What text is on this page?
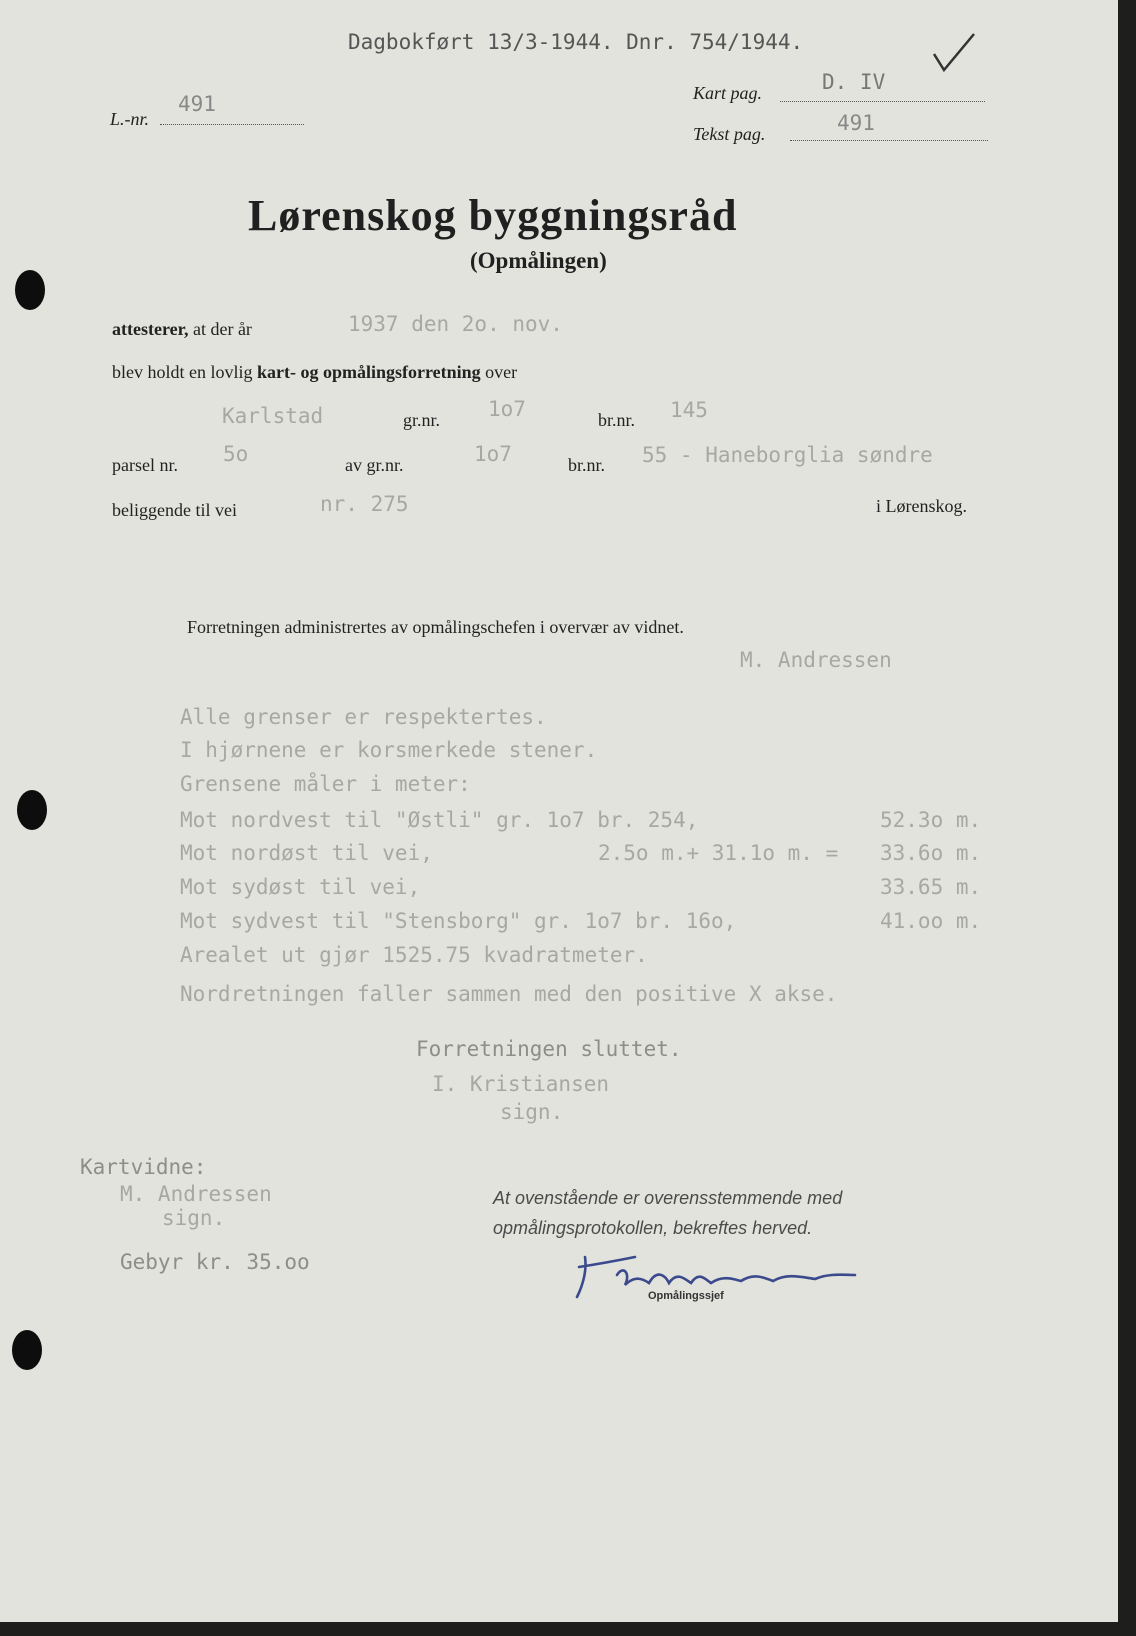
Dagbokført 13/3-1944. Dnr. 754/1944.
Kart pag.	D. IV
L.-nr.
491
Tekst pag.	491
Lørenskog byggningsråd
(Opmålingen)
attesterer, at der år	1937 den 2o. nov.
blev holdt en lovlig kart- og opmålingsforretning over
Karlstad	gr.nr. 1o7	br.nr. 145
parsel nr. 5o	av gr.nr.	1o7	br.nr. 55 - Haneborglia søndre
beliggende til vei	nr. 275	i Lørenskog.
Forretningen administrertes av opmålingschefen i overvær av vidnet.
M. Andressen
Alle grenser er respektertes.
I hjørnene er korsmerkede stener.
Grensene måler i meter:
Mot nordvest til "Østli" gr. 1o7 br. 254,	52.3o m.
Mot nordøst til vei,	2.5o m.+ 31.1o m. = 33.6o m.
Mot sydøst til vei,	33.65 m.
Mot sydvest til "Stensborg" gr. 1o7 br. 16o,	41.oo m.
Arealet ut gjør 1525.75 kvadratmeter.
Nordretningen faller sammen med den positive X akse.
Forretningen sluttet.
I. Kristiansen
sign.
Kartvidne:
M. Andressen
sign.
Gebyr kr. 35.oo
At ovenstående er overensstemmende med
opmålingsprotokollen, bekreftes herved.
Opmålingssjef
